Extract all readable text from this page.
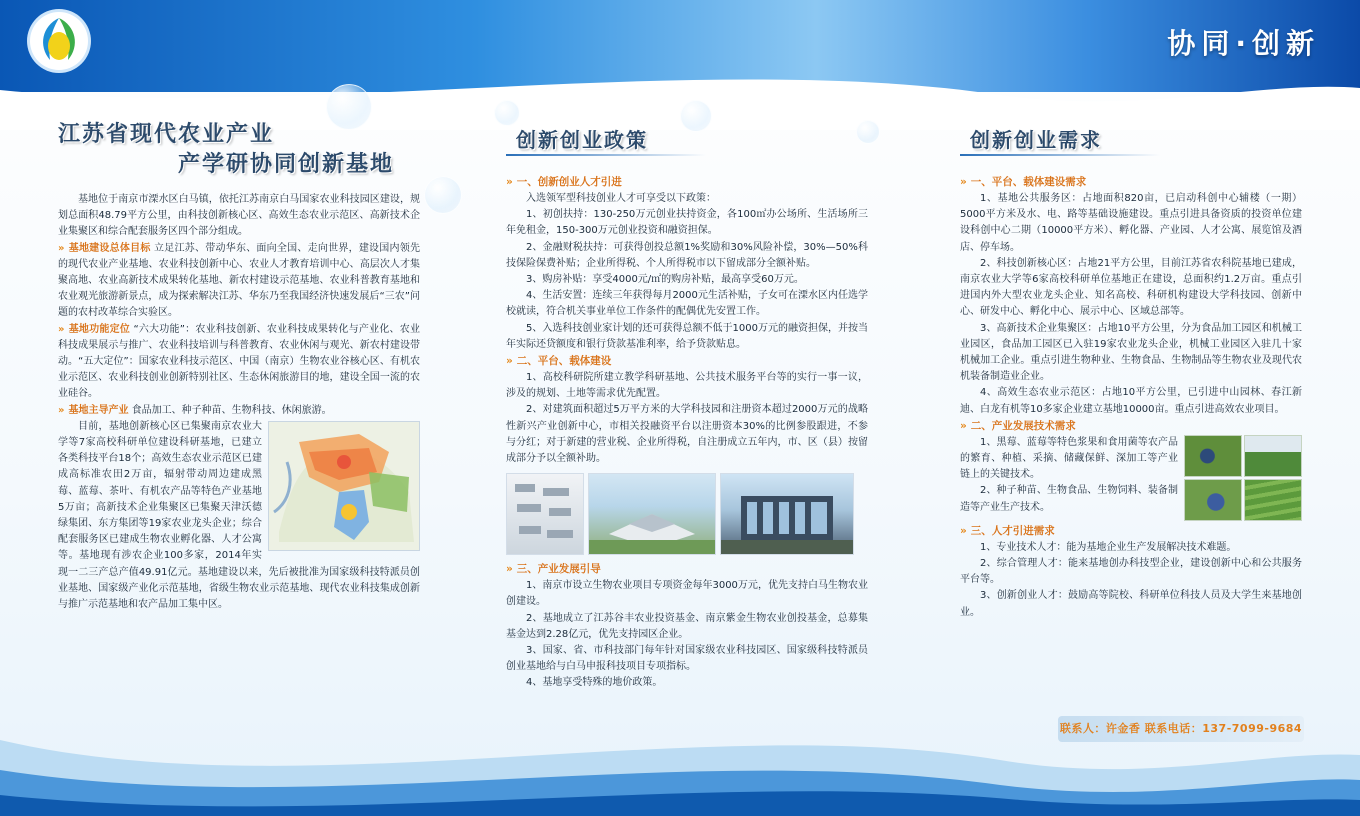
协同·创新
江苏省现代农业产业
产学研协同创新基地

基地位于南京市溧水区白马镇，依托江苏南京白马国家农业科技园区建设，规划总面积48.79平方公里，由科技创新核心区、高效生态农业示范区、高新技术企业集聚区和综合配套服务区四个部分组成。

» 基地建设总体目标 立足江苏、带动华东、面向全国、走向世界，建设国内领先的现代农业产业基地、农业科技创新中心、农业人才教育培训中心、高层次人才集聚高地、农业高新技术成果转化基地、新农村建设示范基地、农业科普教育基地和农业观光旅游新景点，成为探索解决江苏、华东乃至我国经济快速发展后“三农”问题的农村改革综合实验区。

» 基地功能定位 “六大功能”：农业科技创新、农业科技成果转化与产业化、农业科技成果展示与推广、农业科技培训与科普教育、农业休闲与观光、新农村建设带动。“五大定位”：国家农业科技示范区、中国（南京）生物农业谷核心区、有机农业示范区、农业科技创业创新特别社区、生态休闲旅游目的地，建设全国一流的农业硅谷。

» 基地主导产业 食品加工、种子种苗、生物科技、休闲旅游。

目前，基地创新核心区已集聚南京农业大学等7家高校科研单位建设科研基地，已建立各类科技平台18个；高效生态农业示范区已建成高标准农田2万亩，辐射带动周边建成黑莓、蓝莓、茶叶、有机农产品等特色产业基地5万亩；高新技术企业集聚区已集聚天津沃德绿集团、东方集团等19家农业龙头企业；综合配套服务区已建成生物农业孵化器、人才公寓等。基地现有涉农企业100多家，2014年实现一二三产总产值49.91亿元。基地建设以来，先后被批准为国家级科技特派员创业基地、国家级产业化示范基地，省级生物农业示范基地、现代农业科技集成创新与推广示范基地和农产品加工集中区。

创新创业政策
» 一、创新创业人才引进

入选领军型科技创业人才可享受以下政策：

1、初创扶持：130-250万元创业扶持资金，各100㎡办公场所、生活场所三年免租金，150-300万元创业投资和融资担保。

2、金融财税扶持：可获得创投总额1%奖励和30%风险补偿，30%—50%科技保险保费补贴；企业所得税、个人所得税市以下留成部分全额补贴。

3、购房补贴：享受4000元/㎡的购房补贴，最高享受60万元。

4、生活安置：连续三年获得每月2000元生活补贴，子女可在溧水区内任选学校就读，符合机关事业单位工作条件的配偶优先安置工作。

5、入选科技创业家计划的还可获得总额不低于1000万元的融资担保，并按当年实际还贷额度和银行贷款基准利率，给予贷款贴息。

» 二、平台、载体建设

1、高校科研院所建立教学科研基地、公共技术服务平台等的实行一事一议，涉及的规划、土地等需求优先配置。

2、对建筑面积超过5万平方米的大学科技园和注册资本超过2000万元的战略性新兴产业创新中心，市相关投融资平台以注册资本30%的比例参股跟进，不参与分红；对于新建的营业税、企业所得税，自注册成立五年内，市、区（县）按留成部分予以全额补助。

» 三、产业发展引导

1、南京市设立生物农业项目专项资金每年3000万元，优先支持白马生物农业创建设。

2、基地成立了江苏谷丰农业投资基金、南京紫金生物农业创投基金，总募集基金达到2.28亿元，优先支持园区企业。

3、国家、省、市科技部门每年针对国家级农业科技园区、国家级科技特派员创业基地给与白马申报科技项目专项指标。

4、基地享受特殊的地价政策。

创新创业需求
» 一、平台、载体建设需求

1、基地公共服务区：占地面积820亩，已启动科创中心辅楼（一期）5000平方米及水、电、路等基础设施建设。重点引进具备资质的投资单位建设科创中心二期（10000平方米）、孵化器、产业园、人才公寓、展览馆及酒店、停车场。

2、科技创新核心区：占地21平方公里，目前江苏省农科院基地已建成，南京农业大学等6家高校科研单位基地正在建设，总面积约1.2万亩。重点引进国内外大型农业龙头企业、知名高校、科研机构建设大学科技园、创新中心、研发中心、孵化中心、展示中心、区域总部等。

3、高新技术企业集聚区：占地10平方公里，分为食品加工园区和机械工业园区，食品加工园区已入驻19家农业龙头企业，机械工业园区入驻几十家机械加工企业。重点引进生物种业、生物食品、生物制品等生物农业及现代农机装备制造业企业。

4、高效生态农业示范区：占地10平方公里，已引进中山园林、春江新迪、白龙有机等10多家企业建立基地10000亩。重点引进高效农业项目。

» 二、产业发展技术需求

1、黑莓、蓝莓等特色浆果和食用菌等农产品的繁育、种植、采摘、储藏保鲜、深加工等产业链上的关键技术。

2、种子种苗、生物食品、生物饲料、装备制造等产业生产技术。

» 三、人才引进需求

1、专业技术人才：能为基地企业生产发展解决技术难题。

2、综合管理人才：能来基地创办科技型企业，建设创新中心和公共服务平台等。

3、创新创业人才：鼓励高等院校、科研单位科技人员及大学生来基地创业。

联系人：许金香 联系电话：137-7099-9684
